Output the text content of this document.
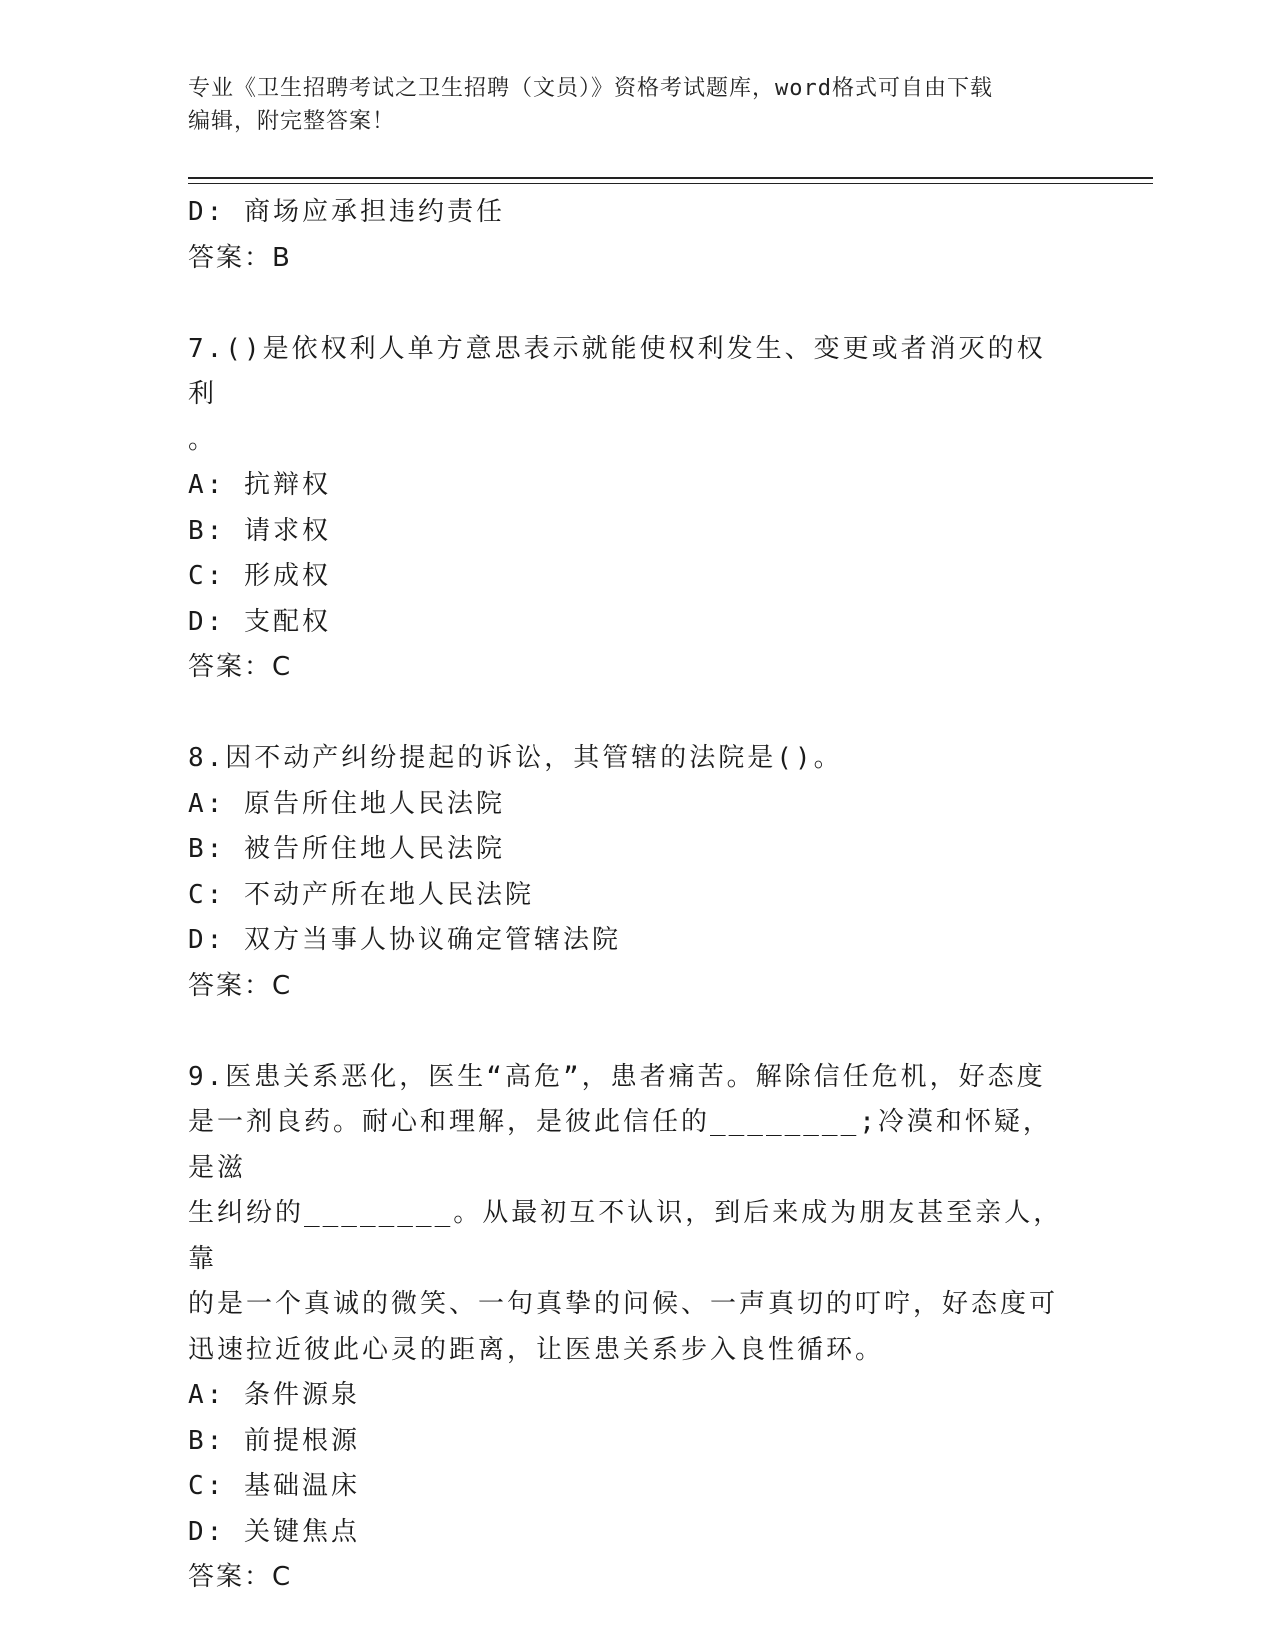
专业《卫生招聘考试之卫生招聘（文员）》资格考试题库，word格式可自由下载
编辑，附完整答案！
D: 商场应承担违约责任
答案：B
7.()是依权利人单方意思表示就能使权利发生、变更或者消灭的权利
。
A: 抗辩权
B: 请求权
C: 形成权
D: 支配权
答案：C
8.因不动产纠纷提起的诉讼，其管辖的法院是()。
A: 原告所住地人民法院
B: 被告所住地人民法院
C: 不动产所在地人民法院
D: 双方当事人协议确定管辖法院
答案：C
9.医患关系恶化，医生“高危”，患者痛苦。解除信任危机，好态度
是一剂良药。耐心和理解，是彼此信任的________;冷漠和怀疑，是滋
生纠纷的________。从最初互不认识，到后来成为朋友甚至亲人，靠
的是一个真诚的微笑、一句真挚的问候、一声真切的叮咛，好态度可
迅速拉近彼此心灵的距离，让医患关系步入良性循环。
A: 条件源泉
B: 前提根源
C: 基础温床
D: 关键焦点
答案：C
